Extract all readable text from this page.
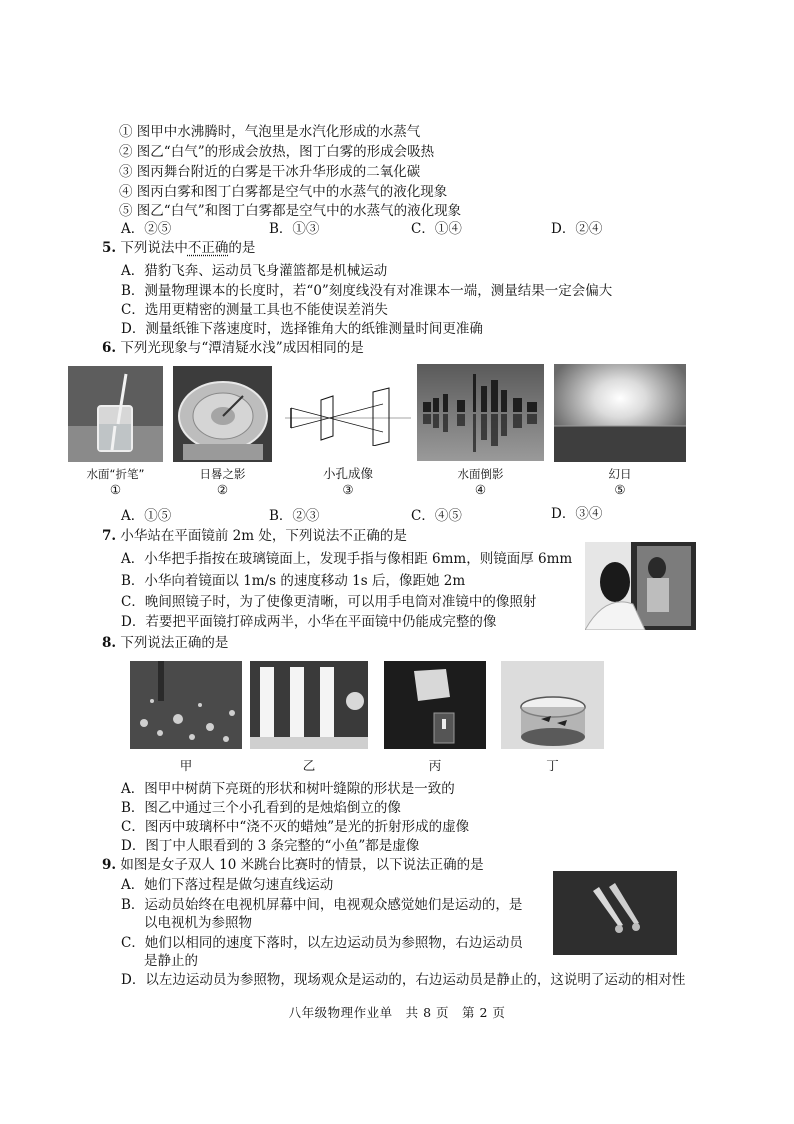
① 图甲中水沸腾时，气泡里是水汽化形成的水蒸气
② 图乙“白气”的形成会放热，图丁白雾的形成会吸热
③ 图丙舞台附近的白雾是干冰升华形成的二氧化碳
④ 图丙白雾和图丁白雾都是空气中的水蒸气的液化现象
⑤ 图乙“白气”和图丁白雾都是空气中的水蒸气的液化现象
A．②⑤	B．①③	C．①④	D．②④
5. 下列说法中不正确的是
A．猎豹飞奔、运动员飞身灌篮都是机械运动
B．测量物理课本的长度时，若“0”刻度线没有对准课本一端，测量结果一定会偏大
C．选用更精密的测量工具也不能使误差消失
D．测量纸锥下落速度时，选择锥角大的纸锥测量时间更准确
6. 下列光现象与“潭清疑水浅”成因相同的是
水面“折笔”
①
日晷之影
②
小孔成像
③
水面倒影
④
幻日
⑤
A．①⑤	B．②③	C．④⑤	D．③④
7. 小华站在平面镜前 2m 处，下列说法不正确的是
A．小华把手指按在玻璃镜面上，发现手指与像相距 6mm，则镜面厚 6mm
B．小华向着镜面以 1m/s 的速度移动 1s 后，像距她 2m
C．晚间照镜子时，为了使像更清晰，可以用手电筒对准镜中的像照射
D．若要把平面镜打碎成两半，小华在平面镜中仍能成完整的像
8. 下列说法正确的是
甲	乙	丙	丁
A．图甲中树荫下亮斑的形状和树叶缝隙的形状是一致的
B．图乙中通过三个小孔看到的是烛焰倒立的像
C．图丙中玻璃杯中“浇不灭的蜡烛”是光的折射形成的虚像
D．图丁中人眼看到的 3 条完整的“小鱼”都是虚像
9. 如图是女子双人 10 米跳台比赛时的情景，以下说法正确的是
A．她们下落过程是做匀速直线运动
B．运动员始终在电视机屏幕中间，电视观众感觉她们是运动的，是
以电视机为参照物
C．她们以相同的速度下落时，以左边运动员为参照物，右边运动员
是静止的
D．以左边运动员为参照物，现场观众是运动的，右边运动员是静止的，这说明了运动的相对性
八年级物理作业单　共 8 页　第 2 页
